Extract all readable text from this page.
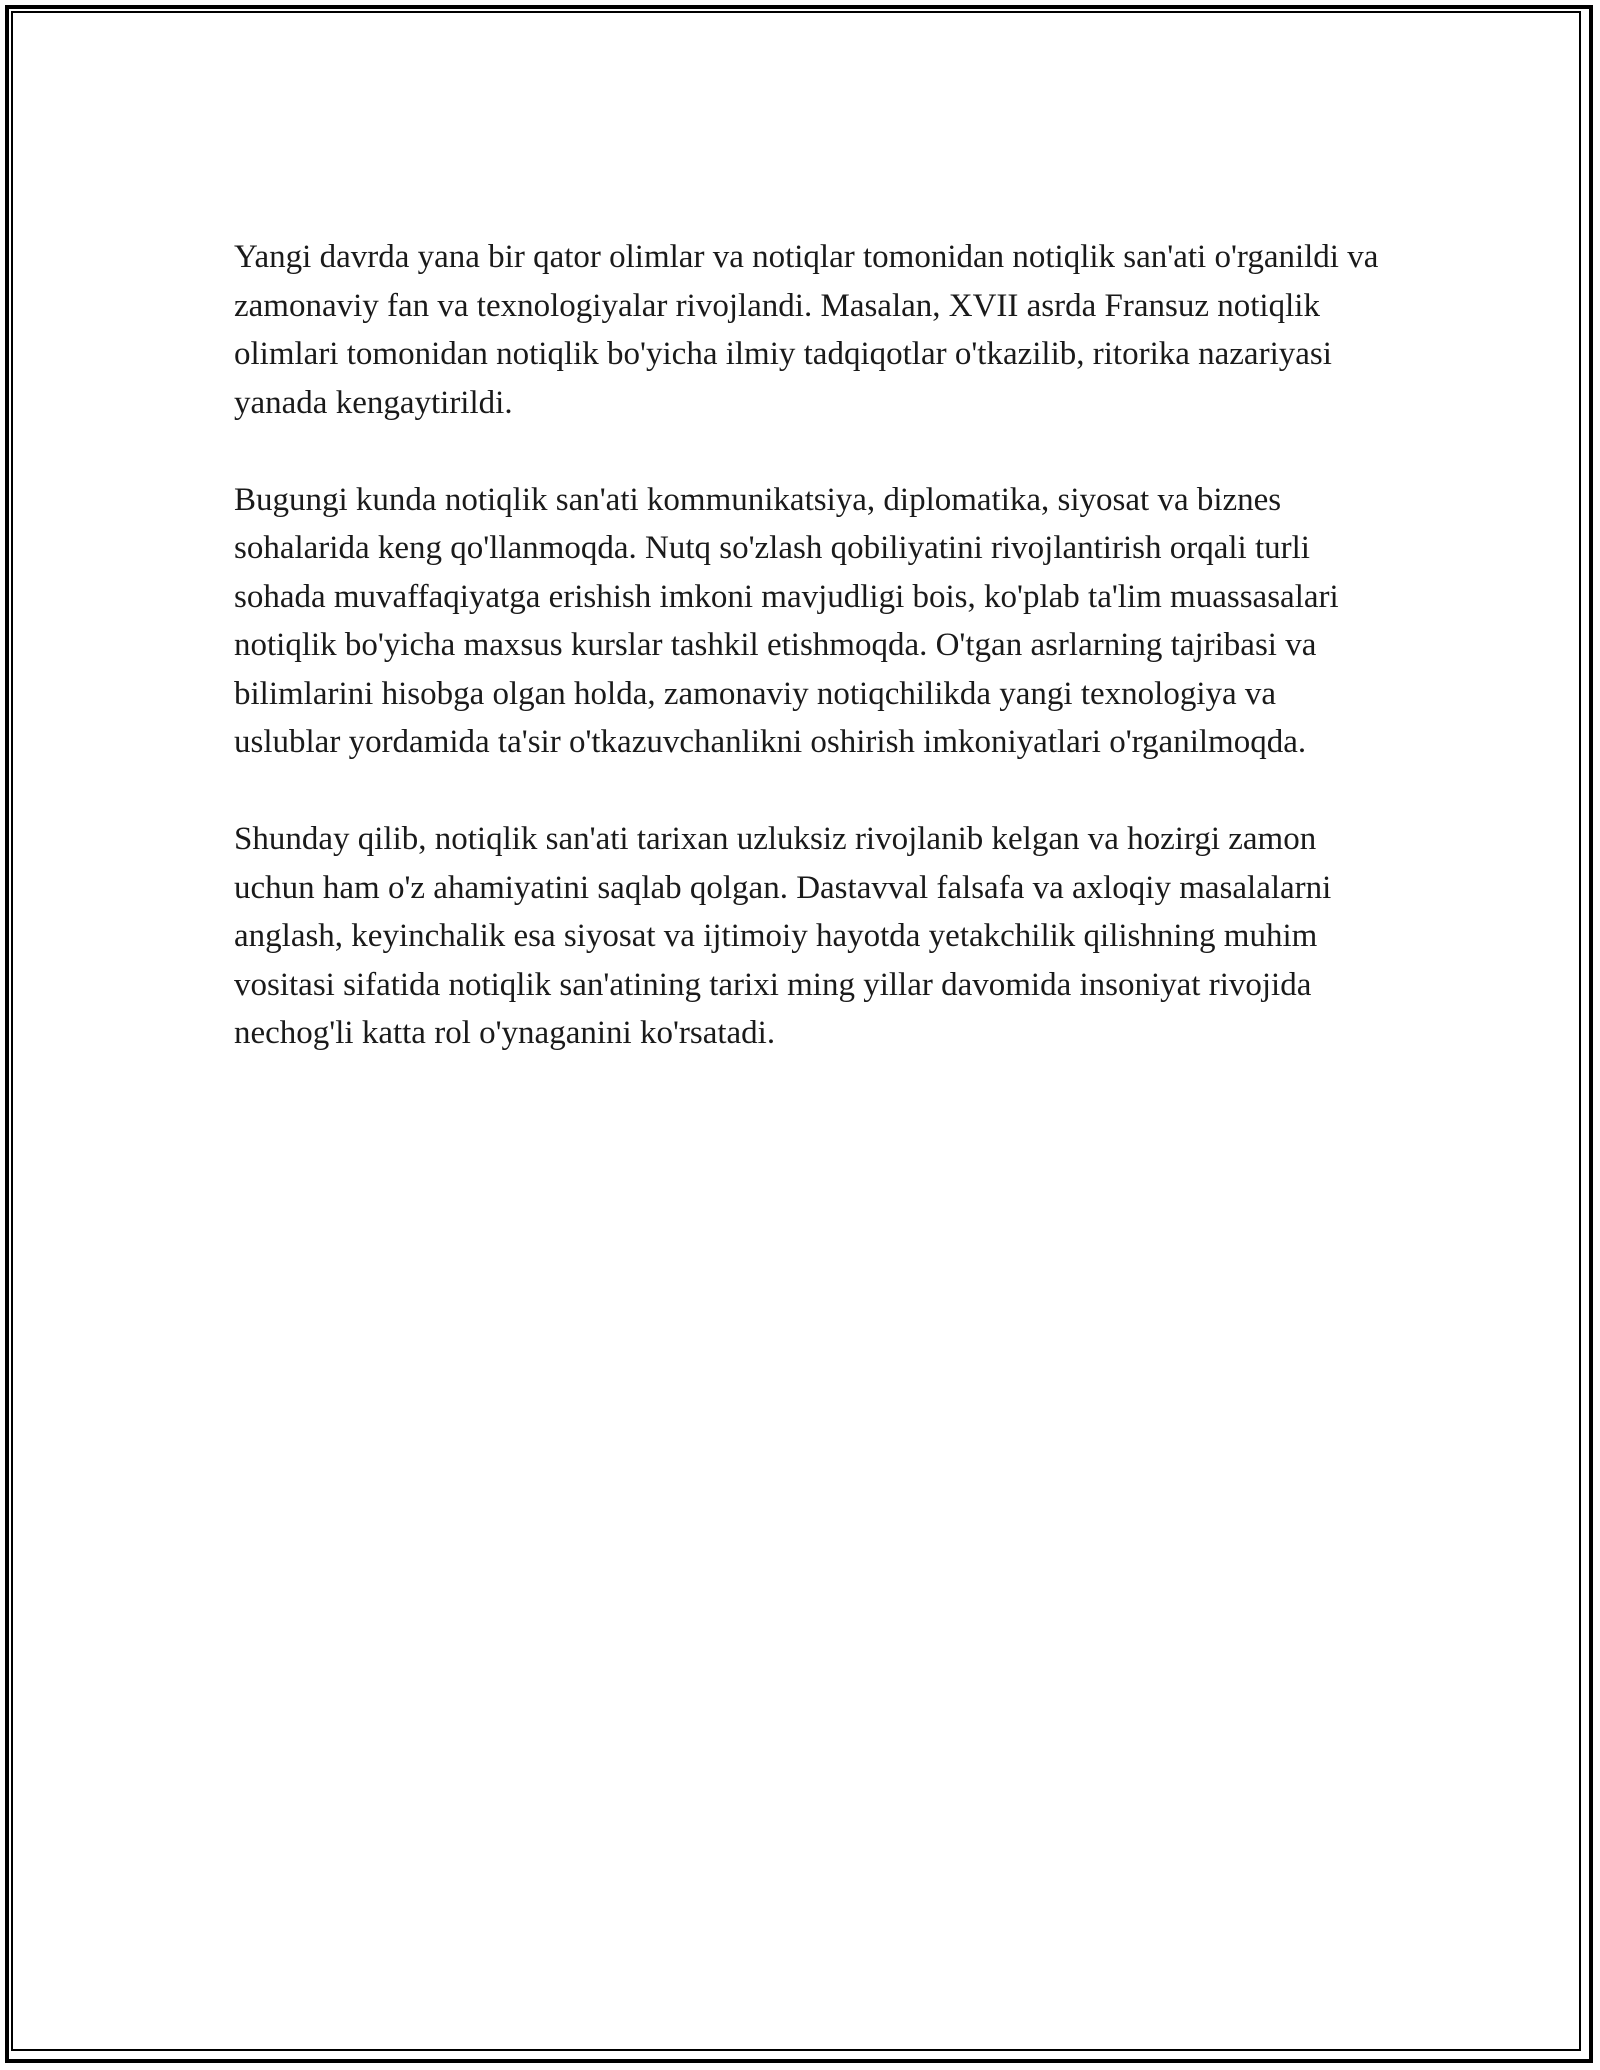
Yangi davrda yana bir qator olimlar va notiqlar tomonidan notiqlik san'ati o'rganildi va zamonaviy fan va texnologiyalar rivojlandi. Masalan, XVII asrda Fransuz notiqlik olimlari tomonidan notiqlik bo'yicha ilmiy tadqiqotlar o'tkazilib, ritorika nazariyasi yanada kengaytirildi.

Bugungi kunda notiqlik san'ati kommunikatsiya, diplomatika, siyosat va biznes sohalarida keng qo'llanmoqda. Nutq so'zlash qobiliyatini rivojlantirish orqali turli sohada muvaffaqiyatga erishish imkoni mavjudligi bois, ko'plab ta'lim muassasalari notiqlik bo'yicha maxsus kurslar tashkil etishmoqda. O'tgan asrlarning tajribasi va bilimlarini hisobga olgan holda, zamonaviy notiqchilikda yangi texnologiya va uslublar yordamida ta'sir o'tkazuvchanlikni oshirish imkoniyatlari o'rganilmoqda.

Shunday qilib, notiqlik san'ati tarixan uzluksiz rivojlanib kelgan va hozirgi zamon uchun ham o'z ahamiyatini saqlab qolgan. Dastavval falsafa va axloqiy masalalarni anglash, keyinchalik esa siyosat va ijtimoiy hayotda yetakchilik qilishning muhim vositasi sifatida notiqlik san'atining tarixi ming yillar davomida insoniyat rivojida nechog'li katta rol o'ynaganini ko'rsatadi.
